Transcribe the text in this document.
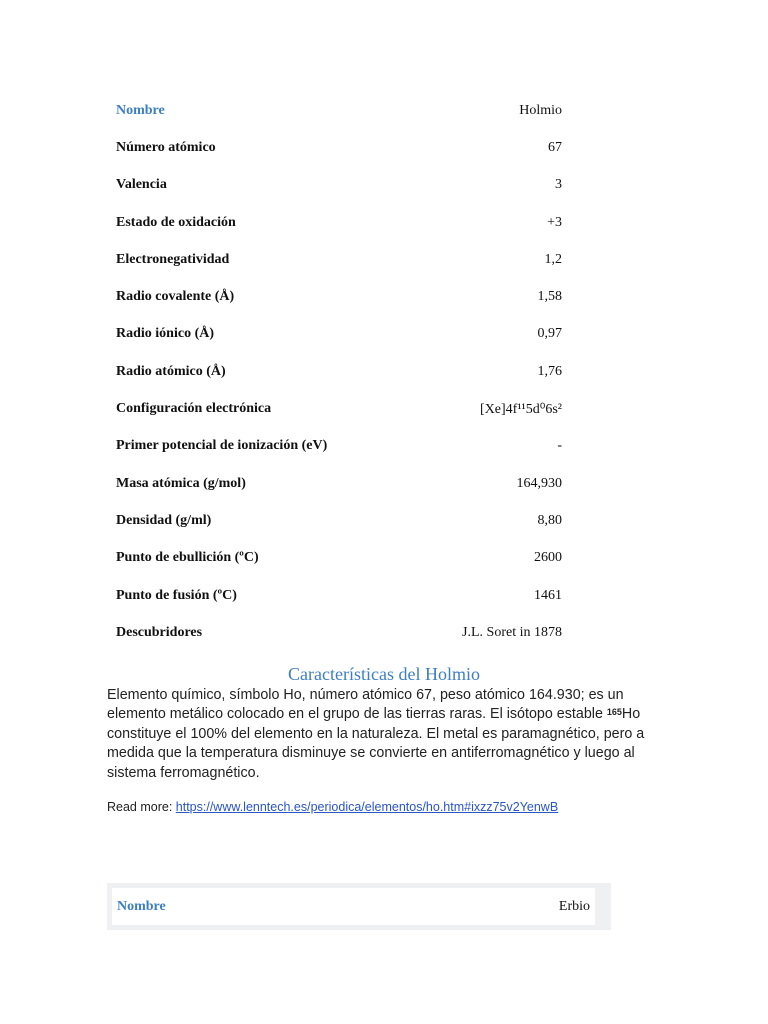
Nombre	Holmio
Número atómico	67
Valencia	3
Estado de oxidación	+3
Electronegatividad	1,2
Radio covalente (Å)	1,58
Radio iónico (Å)	0,97
Radio atómico (Å)	1,76
Configuración electrónica	[Xe]4f¹¹5d⁰6s²
Primer potencial de ionización (eV)	-
Masa atómica (g/mol)	164,930
Densidad (g/ml)	8,80
Punto de ebullición (ºC)	2600
Punto de fusión (ºC)	1461
Descubridores	J.L. Soret in 1878
Características del Holmio
Elemento químico, símbolo Ho, número atómico 67, peso atómico 164.930; es un elemento metálico colocado en el grupo de las tierras raras. El isótopo estable $^{165}$Ho constituye el 100% del elemento en la naturaleza. El metal es paramagnético, pero a medida que la temperatura disminuye se convierte en antiferromagnético y luego al sistema ferromagnético.
Read more: https://www.lenntech.es/periodica/elementos/ho.htm#ixzz75v2YenwB
Nombre	Erbio
